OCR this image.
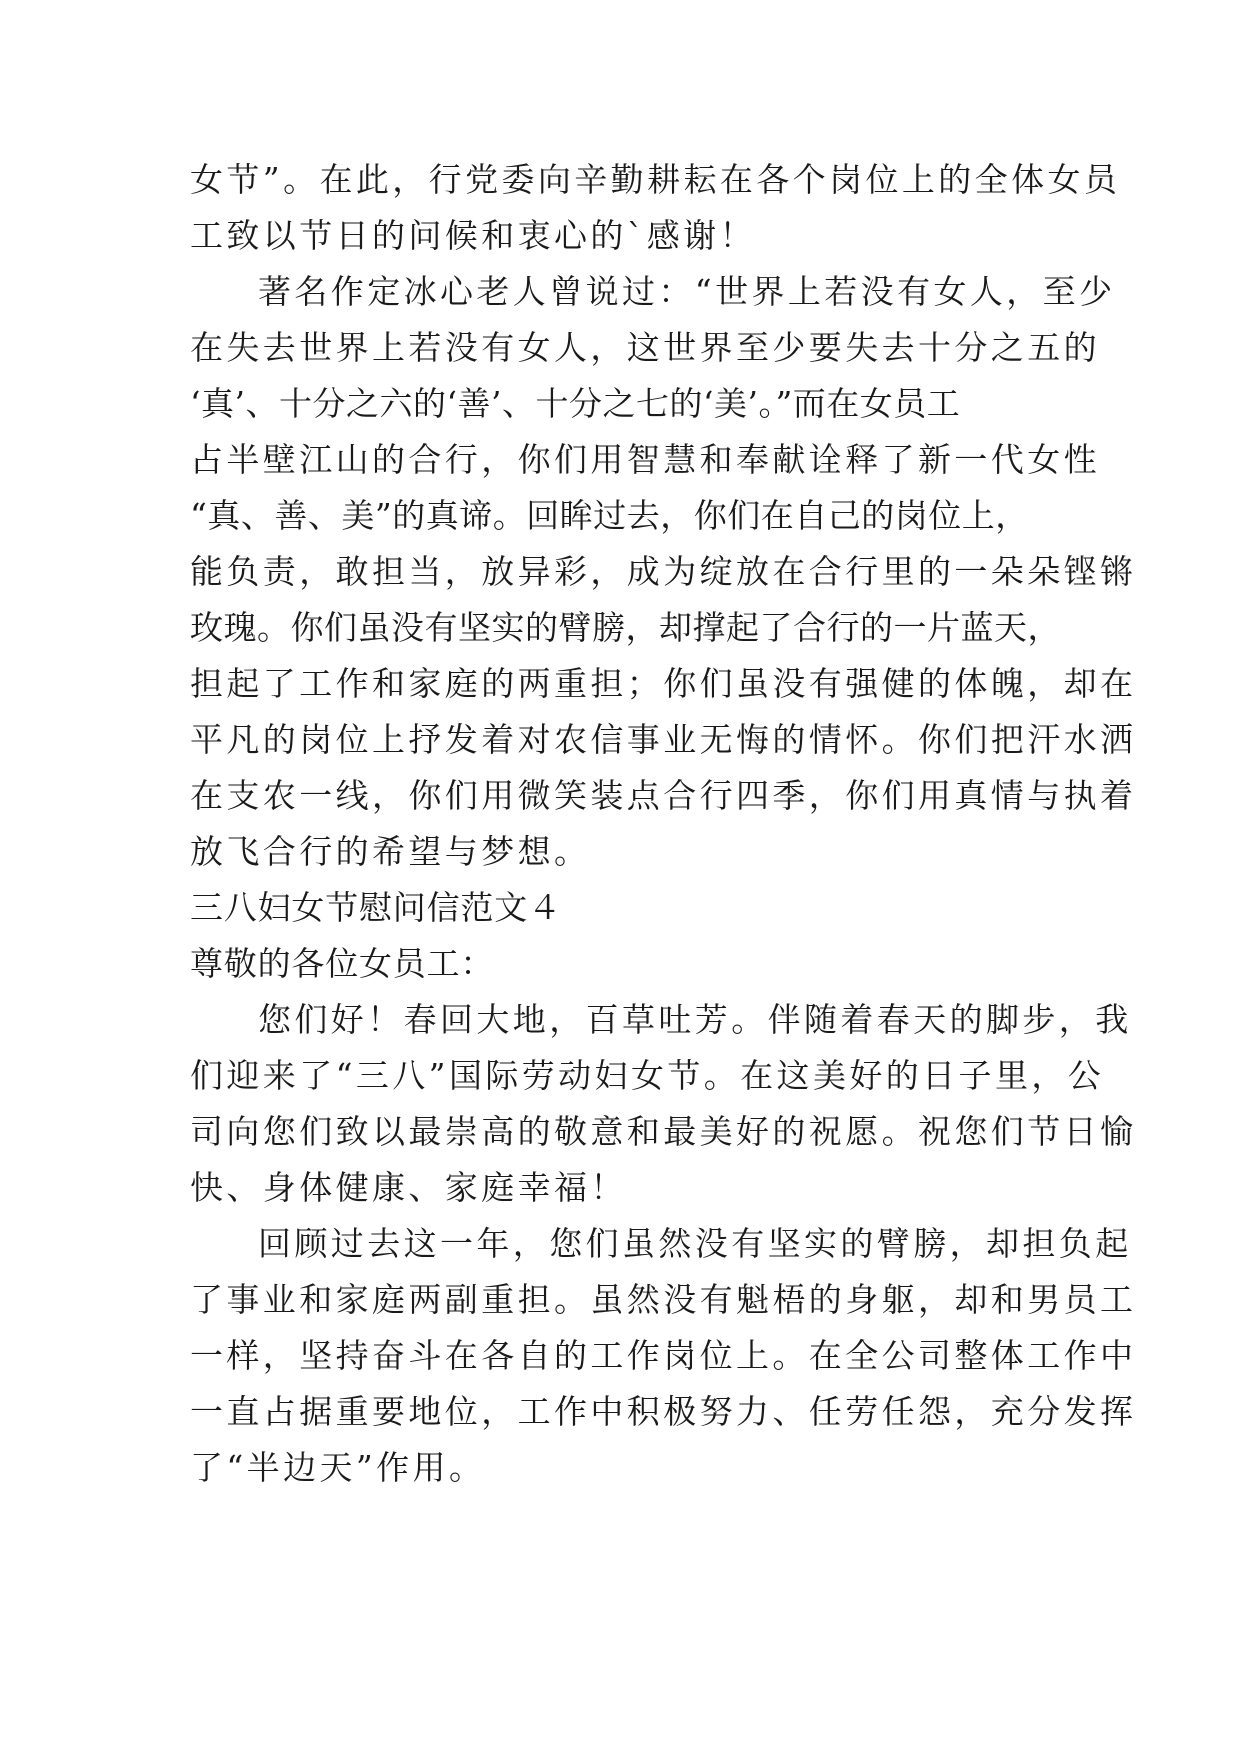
女节”。在此，行党委向辛勤耕耘在各个岗位上的全体女员
工致以节日的问候和衷心的`感谢！
著名作定冰心老人曾说过：“世界上若没有女人，至少
在失去世界上若没有女人，这世界至少要失去十分之五的
‘真’、十分之六的‘善’、十分之七的‘美’。”而在女员工
占半壁江山的合行，你们用智慧和奉献诠释了新一代女性
“真、善、美”的真谛。回眸过去，你们在自己的岗位上，
能负责，敢担当，放异彩，成为绽放在合行里的一朵朵铿锵
玫瑰。你们虽没有坚实的臂膀，却撑起了合行的一片蓝天，
担起了工作和家庭的两重担；你们虽没有强健的体魄，却在
平凡的岗位上抒发着对农信事业无悔的情怀。你们把汗水洒
在支农一线，你们用微笑装点合行四季，你们用真情与执着
放飞合行的希望与梦想。
三八妇女节慰问信范文４
尊敬的各位女员工：
您们好！春回大地，百草吐芳。伴随着春天的脚步，我
们迎来了“三八”国际劳动妇女节。在这美好的日子里，公
司向您们致以最崇高的敬意和最美好的祝愿。祝您们节日愉
快、身体健康、家庭幸福！
回顾过去这一年，您们虽然没有坚实的臂膀，却担负起
了事业和家庭两副重担。虽然没有魁梧的身躯，却和男员工
一样，坚持奋斗在各自的工作岗位上。在全公司整体工作中
一直占据重要地位，工作中积极努力、任劳任怨，充分发挥
了“半边天”作用。
